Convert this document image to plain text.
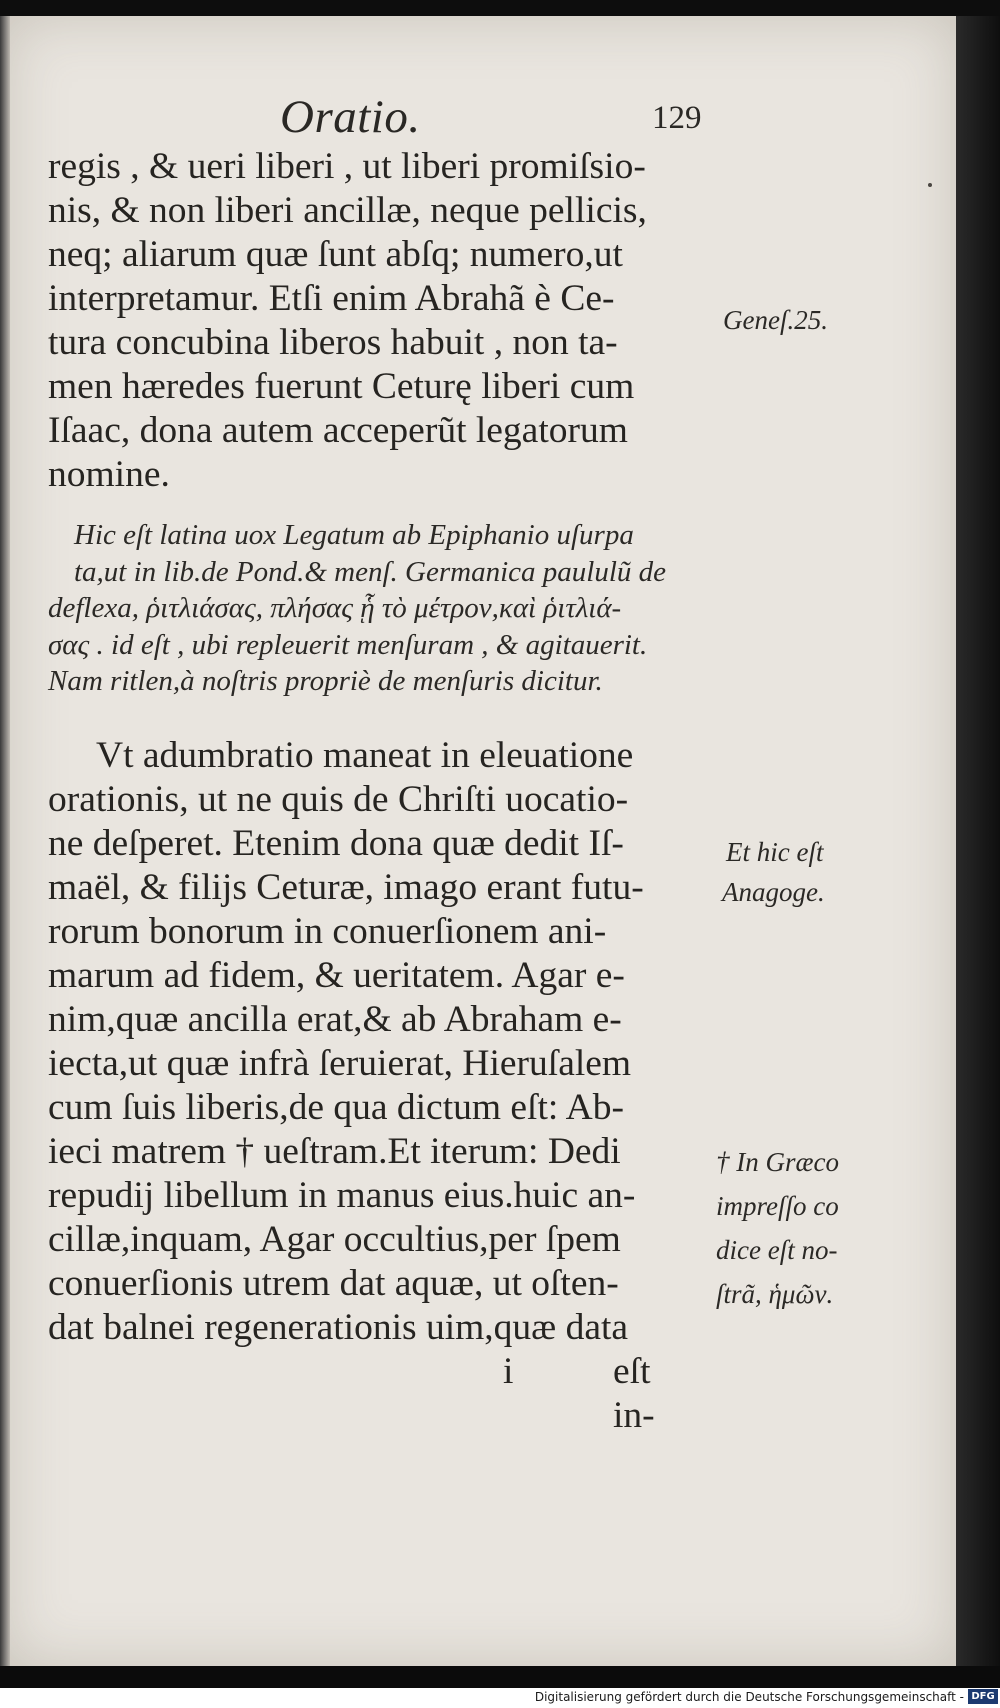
Oratio.	129
regis , & ueri liberi , ut liberi promiſsio-
nis, & non liberi ancillæ, neque pellicis,
neq; aliarum quæ ſunt abſq; numero,ut
interpretamur. Etſi enim Abrahã è Ce-
tura concubina liberos habuit , non ta-
men hæredes fuerunt Ceturę liberi cum
Iſaac, dona autem acceperũt legatorum
nomine.
Hic eſt latina uox Legatum ab Epiphanio uſurpa
ta,ut in lib.de Pond.& menſ. Germanica paululũ de
deflexa, ῥιτλιάσας, πλήσας ᾗ τὸ μέτρον,καὶ ῥιτλιά-
σας . id eſt , ubi repleuerit menſuram , & agitauerit.
Nam ritlen,à noſtris propriè de menſuris dicitur.
Vt adumbratio maneat in eleuatione
orationis, ut ne quis de Chriſti uocatio-
ne deſperet. Etenim dona quæ dedit Iſ-
maël, & filijs Ceturæ, imago erant futu-
rorum bonorum in conuerſionem ani-
marum ad fidem, & ueritatem. Agar e-
nim,quæ ancilla erat,& ab Abraham e-
iecta,ut quæ infrà ſeruierat, Hieruſalem
cum ſuis liberis,de qua dictum eſt: Ab-
ieci matrem † ueſtram.Et iterum: Dedi
repudij libellum in manus eius.huic an-
cillæ,inquam, Agar occultius,per ſpem
conuerſionis utrem dat aquæ, ut oſten-
dat balnei regenerationis uim,quæ data
i	eſt in-
Geneſ.25.
Et hic eſt
Anagoge.
† In Græco
impreſſo co
dice eſt no-
ſtrã, ἡμῶν.
Digitalisierung gefördert durch die Deutsche Forschungsgemeinschaft - DFG
